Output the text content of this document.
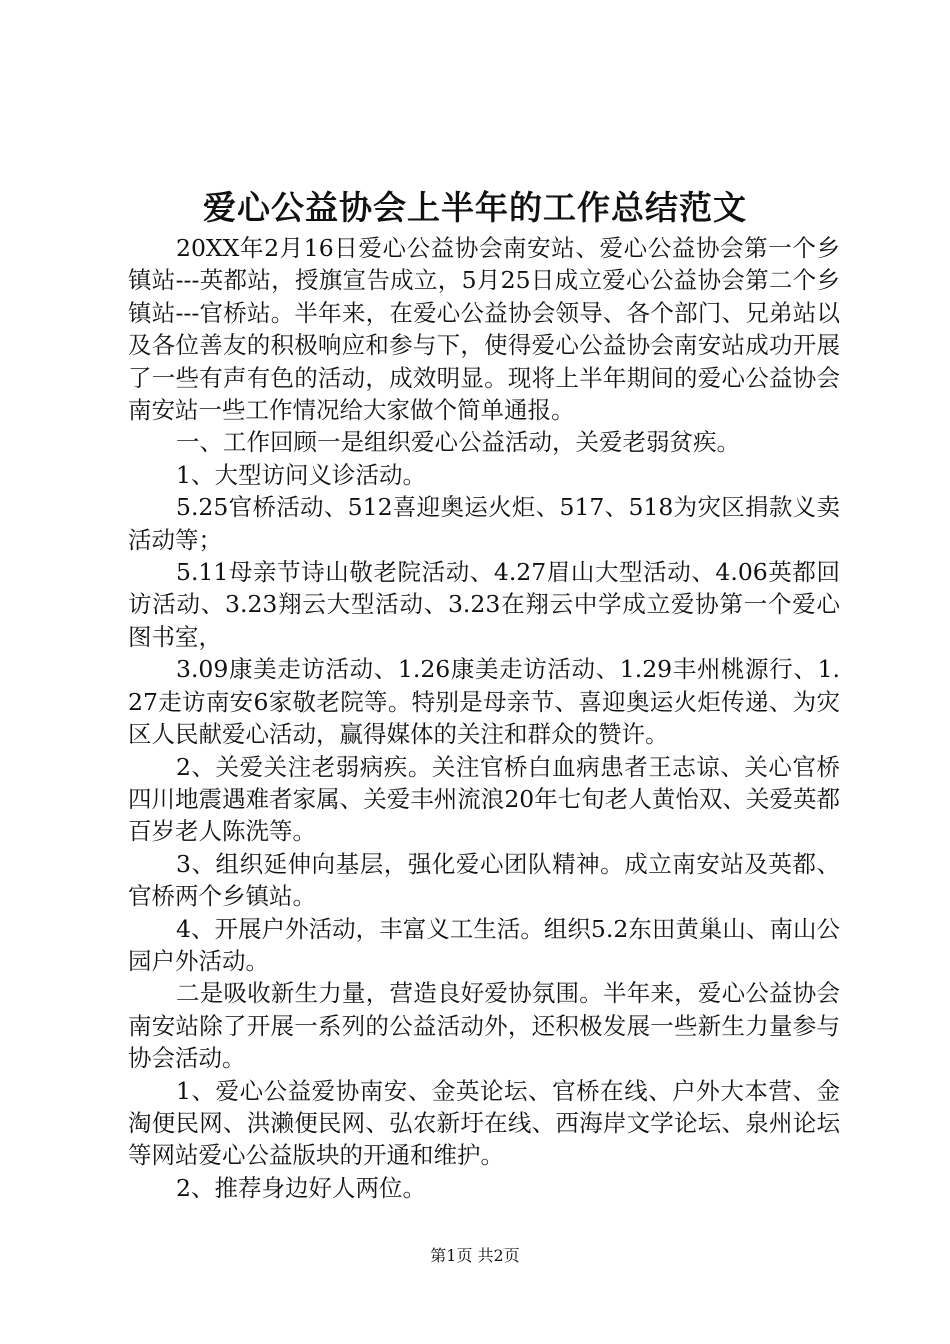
爱心公益协会上半年的工作总结范文

20XX年2月16日爱心公益协会南安站、爱心公益协会第一个乡镇站---英都站，授旗宣告成立，5月25日成立爱心公益协会第二个乡镇站---官桥站。半年来，在爱心公益协会领导、各个部门、兄弟站以及各位善友的积极响应和参与下，使得爱心公益协会南安站成功开展了一些有声有色的活动，成效明显。现将上半年期间的爱心公益协会南安站一些工作情况给大家做个简单通报。

一、工作回顾一是组织爱心公益活动，关爱老弱贫疾。

1、大型访问义诊活动。

5.25官桥活动、512喜迎奥运火炬、517、518为灾区捐款义卖活动等；

5.11母亲节诗山敬老院活动、4.27眉山大型活动、4.06英都回访活动、3.23翔云大型活动、3.23在翔云中学成立爱协第一个爱心图书室，

3.09康美走访活动、1.26康美走访活动、1.29丰州桃源行、1.27走访南安6家敬老院等。特别是母亲节、喜迎奥运火炬传递、为灾区人民献爱心活动，赢得媒体的关注和群众的赞许。

2、关爱关注老弱病疾。关注官桥白血病患者王志谅、关心官桥四川地震遇难者家属、关爱丰州流浪20年七旬老人黄怡双、关爱英都百岁老人陈洗等。

3、组织延伸向基层，强化爱心团队精神。成立南安站及英都、官桥两个乡镇站。

4、开展户外活动，丰富义工生活。组织5.2东田黄巢山、南山公园户外活动。

二是吸收新生力量，营造良好爱协氛围。半年来，爱心公益协会南安站除了开展一系列的公益活动外，还积极发展一些新生力量参与协会活动。

1、爱心公益爱协南安、金英论坛、官桥在线、户外大本营、金淘便民网、洪濑便民网、弘农新圩在线、西海岸文学论坛、泉州论坛等网站爱心公益版块的开通和维护。

2、推荐身边好人两位。

第1页 共2页
